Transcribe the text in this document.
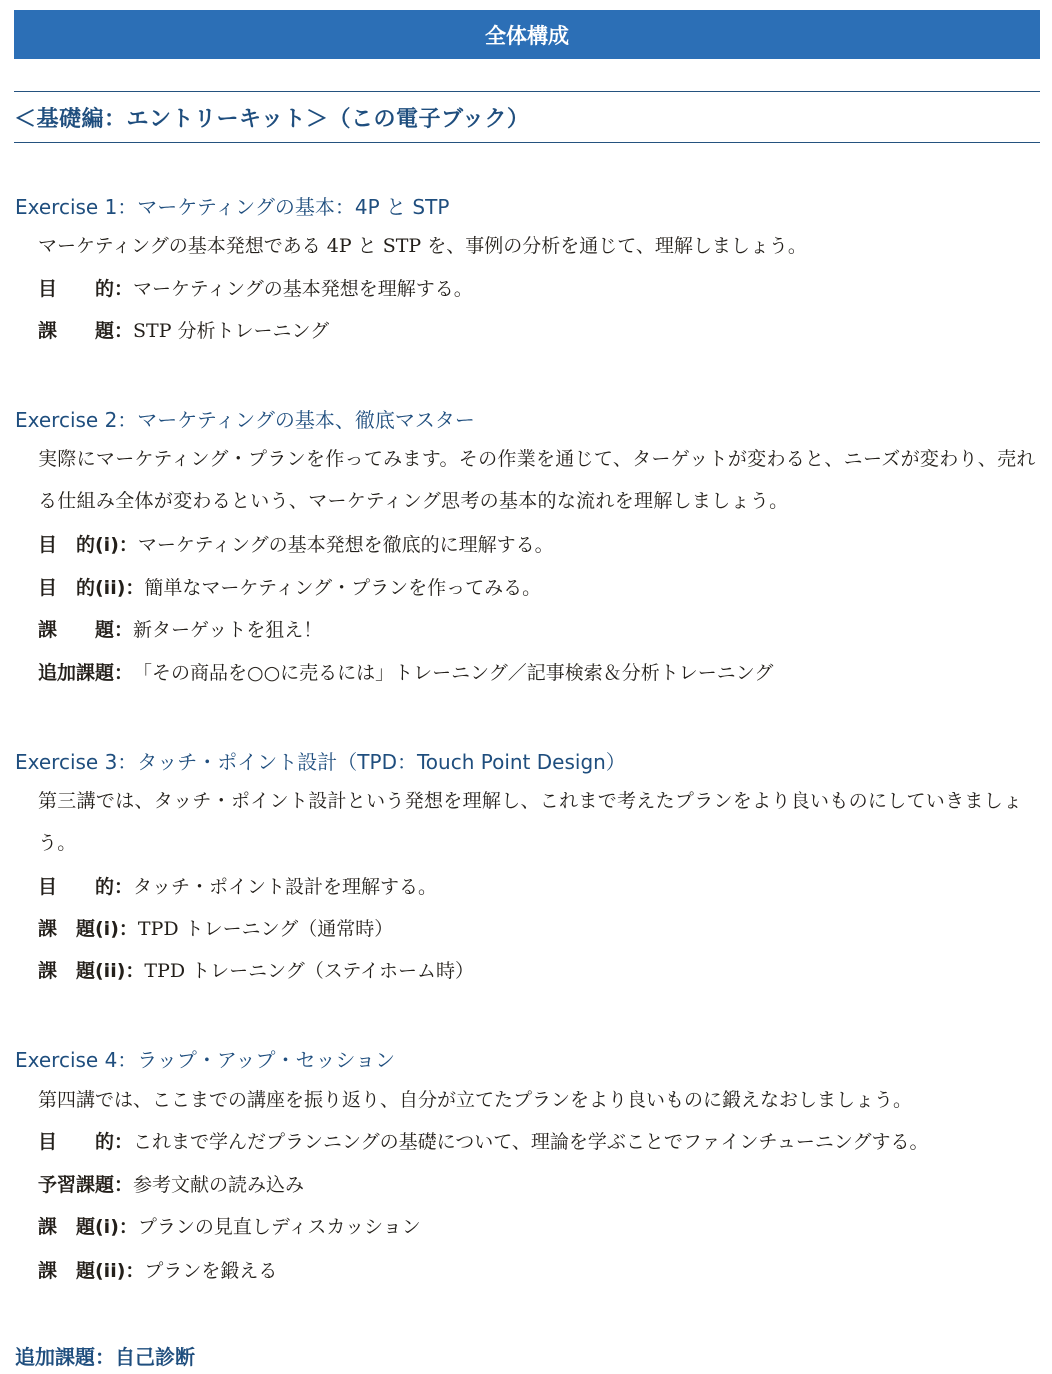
全体構成
＜基礎編：エントリーキット＞（この電子ブック）
Exercise 1：マーケティングの基本：4P と STP
マーケティングの基本発想である 4P と STP を、事例の分析を通じて、理解しましょう。
目　　的：マーケティングの基本発想を理解する。
課　　題：STP 分析トレーニング
Exercise 2：マーケティングの基本、徹底マスター
実際にマーケティング・プランを作ってみます。その作業を通じて、ターゲットが変わると、ニーズが変わり、売れる仕組み全体が変わるという、マーケティング思考の基本的な流れを理解しましょう。
目　的(i)：マーケティングの基本発想を徹底的に理解する。
目　的(ii)：簡単なマーケティング・プランを作ってみる。
課　　題：新ターゲットを狙え！
追加課題：「その商品を○○に売るには」トレーニング／記事検索＆分析トレーニング
Exercise 3：タッチ・ポイント設計（TPD：Touch Point Design）
第三講では、タッチ・ポイント設計という発想を理解し、これまで考えたプランをより良いものにしていきましょう。
目　　的：タッチ・ポイント設計を理解する。
課　題(i)：TPD トレーニング（通常時）
課　題(ii)：TPD トレーニング（ステイホーム時）
Exercise 4：ラップ・アップ・セッション
第四講では、ここまでの講座を振り返り、自分が立てたプランをより良いものに鍛えなおしましょう。
目　　的：これまで学んだプランニングの基礎について、理論を学ぶことでファインチューニングする。
予習課題：参考文献の読み込み
課　題(i)：プランの見直しディスカッション
課　題(ii)：プランを鍛える
追加課題：自己診断
